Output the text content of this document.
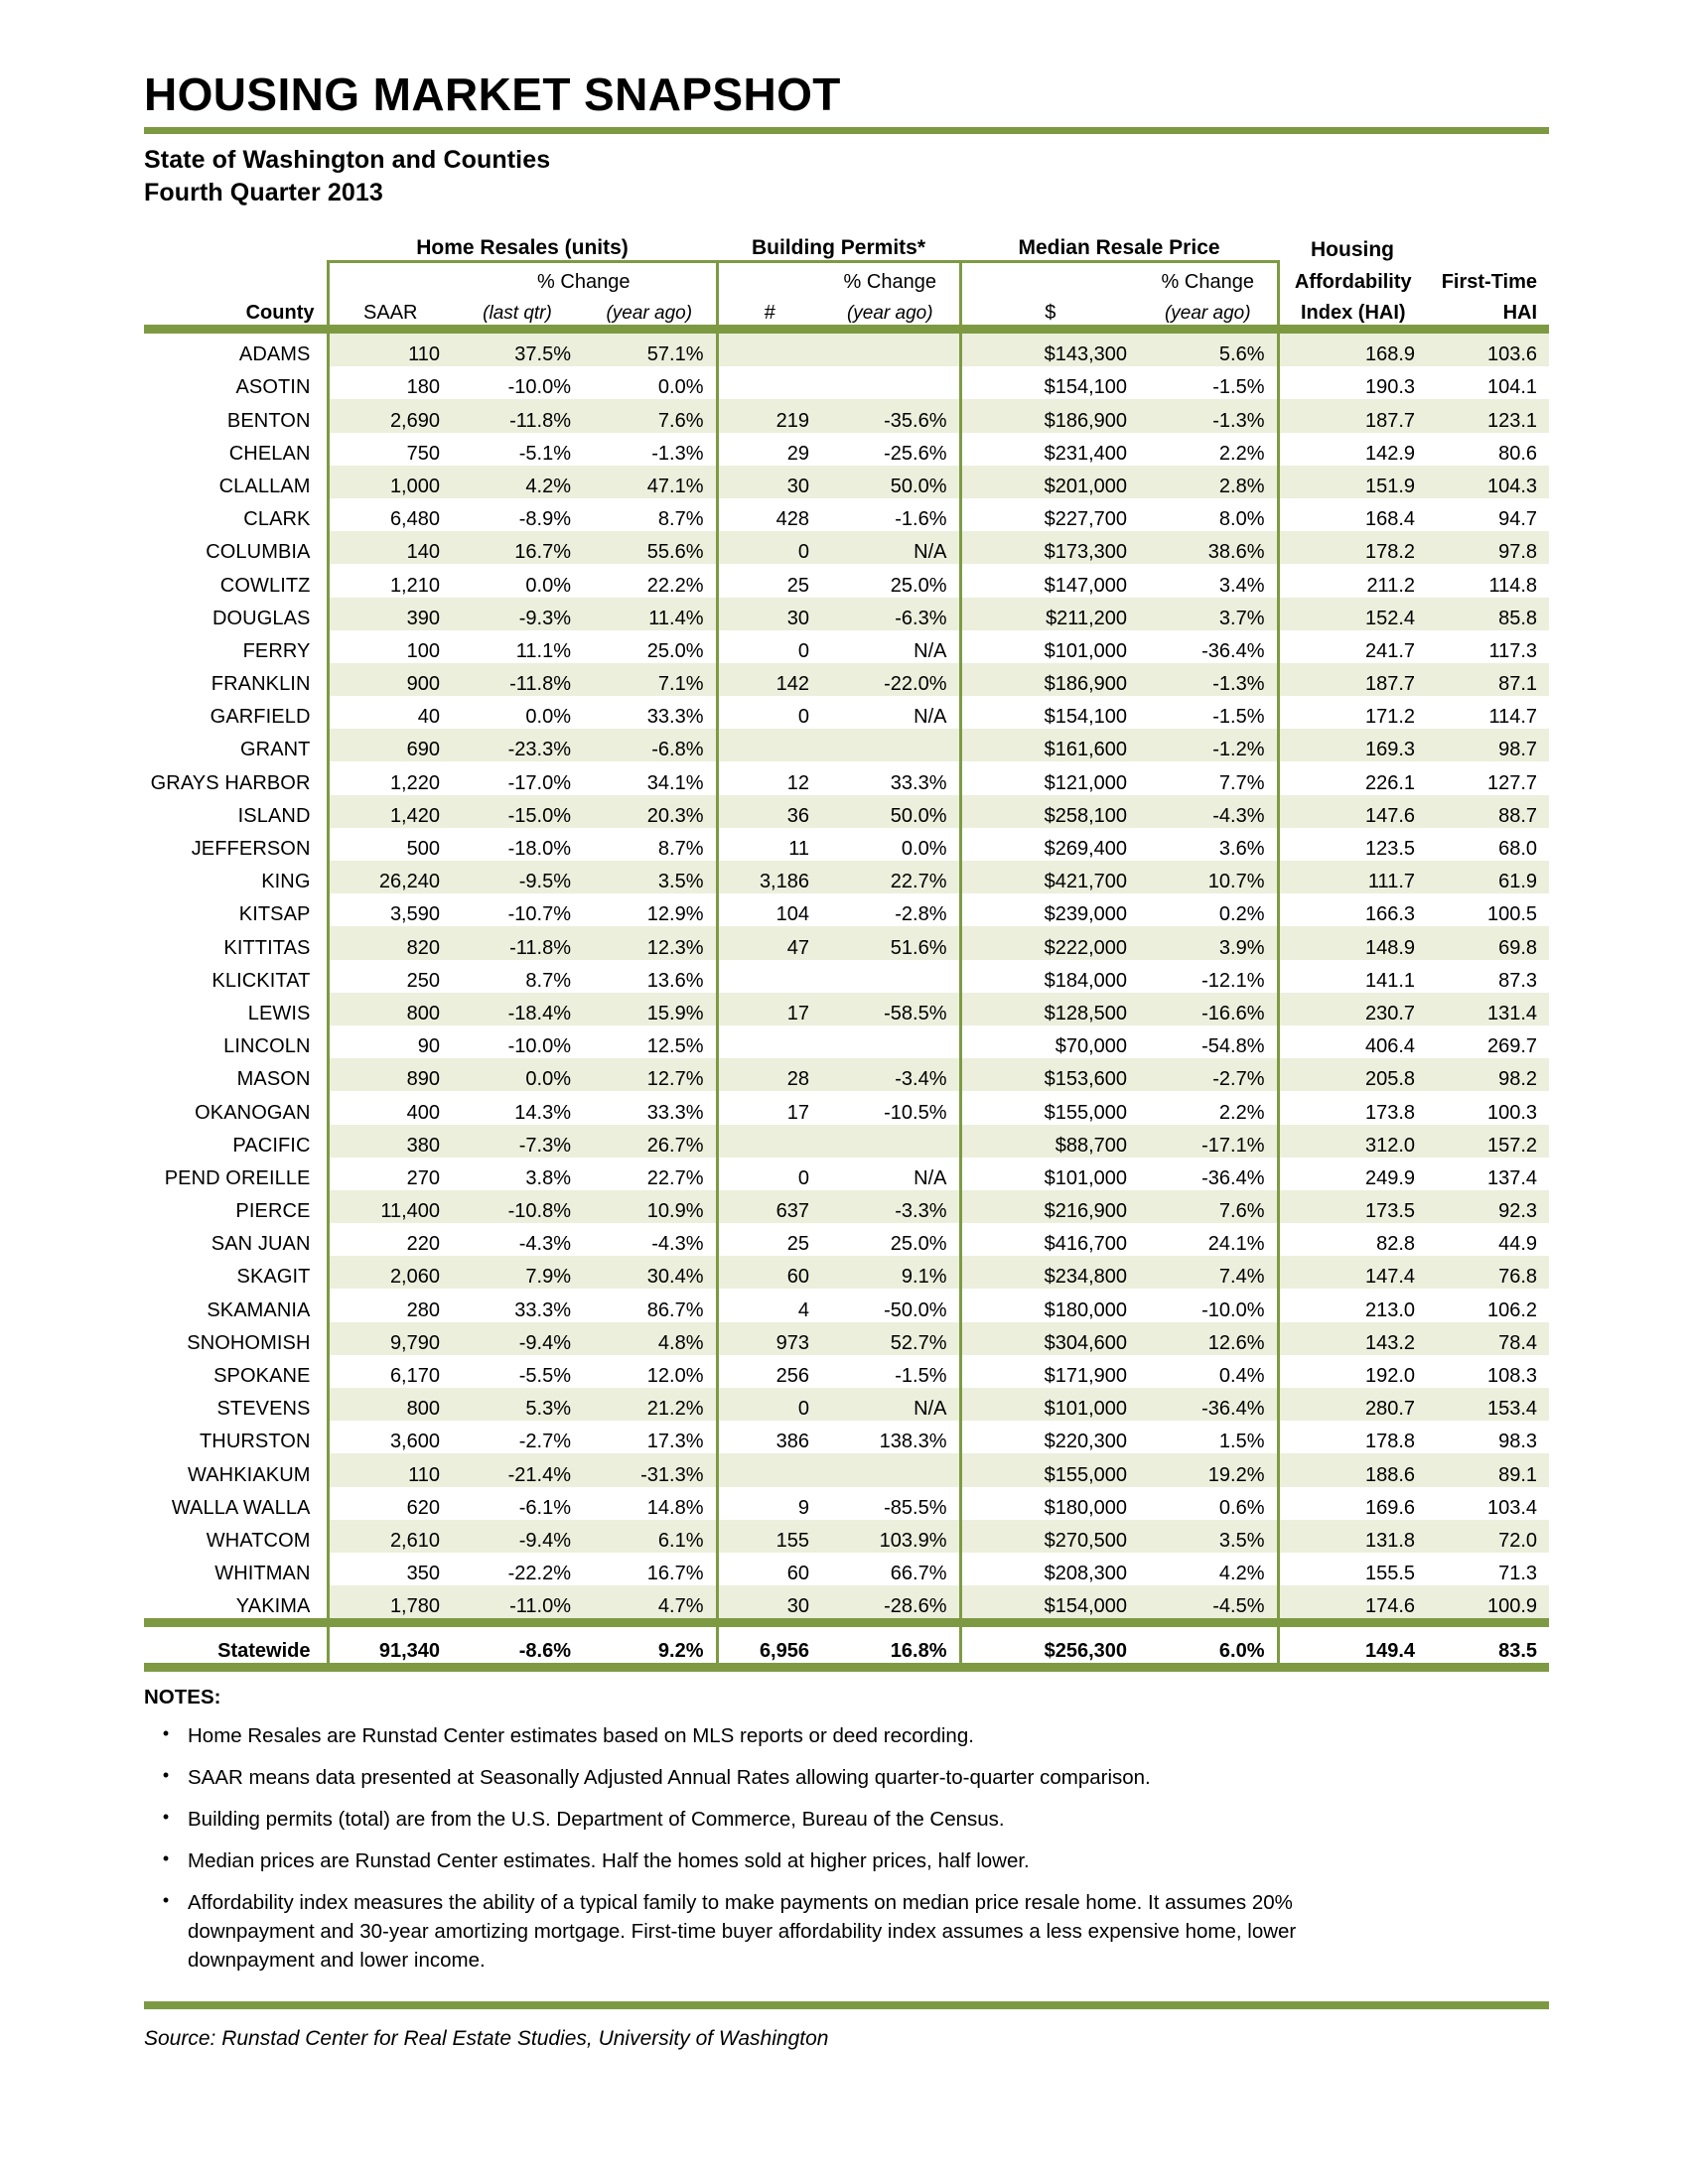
HOUSING MARKET SNAPSHOT
State of Washington and Counties
Fourth Quarter 2013
	Home Resales (units)			Building Permits*		Median Resale Price		Housing	
		% Change			% Change		% Change	Affordability	First-Time
County	SAAR	(last qtr)	(year ago)	#	(year ago)	$	(year ago)	Index (HAI)	HAI

ADAMS	110	37.5%	57.1%			$143,300	5.6%	168.9	103.6
ASOTIN	180	-10.0%	0.0%			$154,100	-1.5%	190.3	104.1
BENTON	2,690	-11.8%	7.6%	219	-35.6%	$186,900	-1.3%	187.7	123.1
CHELAN	750	-5.1%	-1.3%	29	-25.6%	$231,400	2.2%	142.9	80.6
CLALLAM	1,000	4.2%	47.1%	30	50.0%	$201,000	2.8%	151.9	104.3
CLARK	6,480	-8.9%	8.7%	428	-1.6%	$227,700	8.0%	168.4	94.7
COLUMBIA	140	16.7%	55.6%	0	N/A	$173,300	38.6%	178.2	97.8
COWLITZ	1,210	0.0%	22.2%	25	25.0%	$147,000	3.4%	211.2	114.8
DOUGLAS	390	-9.3%	11.4%	30	-6.3%	$211,200	3.7%	152.4	85.8
FERRY	100	11.1%	25.0%	0	N/A	$101,000	-36.4%	241.7	117.3
FRANKLIN	900	-11.8%	7.1%	142	-22.0%	$186,900	-1.3%	187.7	87.1
GARFIELD	40	0.0%	33.3%	0	N/A	$154,100	-1.5%	171.2	114.7
GRANT	690	-23.3%	-6.8%			$161,600	-1.2%	169.3	98.7
GRAYS HARBOR	1,220	-17.0%	34.1%	12	33.3%	$121,000	7.7%	226.1	127.7
ISLAND	1,420	-15.0%	20.3%	36	50.0%	$258,100	-4.3%	147.6	88.7
JEFFERSON	500	-18.0%	8.7%	11	0.0%	$269,400	3.6%	123.5	68.0
KING	26,240	-9.5%	3.5%	3,186	22.7%	$421,700	10.7%	111.7	61.9
KITSAP	3,590	-10.7%	12.9%	104	-2.8%	$239,000	0.2%	166.3	100.5
KITTITAS	820	-11.8%	12.3%	47	51.6%	$222,000	3.9%	148.9	69.8
KLICKITAT	250	8.7%	13.6%			$184,000	-12.1%	141.1	87.3
LEWIS	800	-18.4%	15.9%	17	-58.5%	$128,500	-16.6%	230.7	131.4
LINCOLN	90	-10.0%	12.5%			$70,000	-54.8%	406.4	269.7
MASON	890	0.0%	12.7%	28	-3.4%	$153,600	-2.7%	205.8	98.2
OKANOGAN	400	14.3%	33.3%	17	-10.5%	$155,000	2.2%	173.8	100.3
PACIFIC	380	-7.3%	26.7%			$88,700	-17.1%	312.0	157.2
PEND OREILLE	270	3.8%	22.7%	0	N/A	$101,000	-36.4%	249.9	137.4
PIERCE	11,400	-10.8%	10.9%	637	-3.3%	$216,900	7.6%	173.5	92.3
SAN JUAN	220	-4.3%	-4.3%	25	25.0%	$416,700	24.1%	82.8	44.9
SKAGIT	2,060	7.9%	30.4%	60	9.1%	$234,800	7.4%	147.4	76.8
SKAMANIA	280	33.3%	86.7%	4	-50.0%	$180,000	-10.0%	213.0	106.2
SNOHOMISH	9,790	-9.4%	4.8%	973	52.7%	$304,600	12.6%	143.2	78.4
SPOKANE	6,170	-5.5%	12.0%	256	-1.5%	$171,900	0.4%	192.0	108.3
STEVENS	800	5.3%	21.2%	0	N/A	$101,000	-36.4%	280.7	153.4
THURSTON	3,600	-2.7%	17.3%	386	138.3%	$220,300	1.5%	178.8	98.3
WAHKIAKUM	110	-21.4%	-31.3%			$155,000	19.2%	188.6	89.1
WALLA WALLA	620	-6.1%	14.8%	9	-85.5%	$180,000	0.6%	169.6	103.4
WHATCOM	2,610	-9.4%	6.1%	155	103.9%	$270,500	3.5%	131.8	72.0
WHITMAN	350	-22.2%	16.7%	60	66.7%	$208,300	4.2%	155.5	71.3
YAKIMA	1,780	-11.0%	4.7%	30	-28.6%	$154,000	-4.5%	174.6	100.9

Statewide	91,340	-8.6%	9.2%	6,956	16.8%	$256,300	6.0%	149.4	83.5

NOTES:
• Home Resales are Runstad Center estimates based on MLS reports or deed recording.
• SAAR means data presented at Seasonally Adjusted Annual Rates allowing quarter-to-quarter comparison.
• Building permits (total) are from the U.S. Department of Commerce, Bureau of the Census.
• Median prices are Runstad Center estimates. Half the homes sold at higher prices, half lower.
• Affordability index measures the ability of a typical family to make payments on median price resale home. It assumes 20% downpayment and 30-year amortizing mortgage. First-time buyer affordability index assumes a less expensive home, lower downpayment and lower income.
Source: Runstad Center for Real Estate Studies, University of Washington
